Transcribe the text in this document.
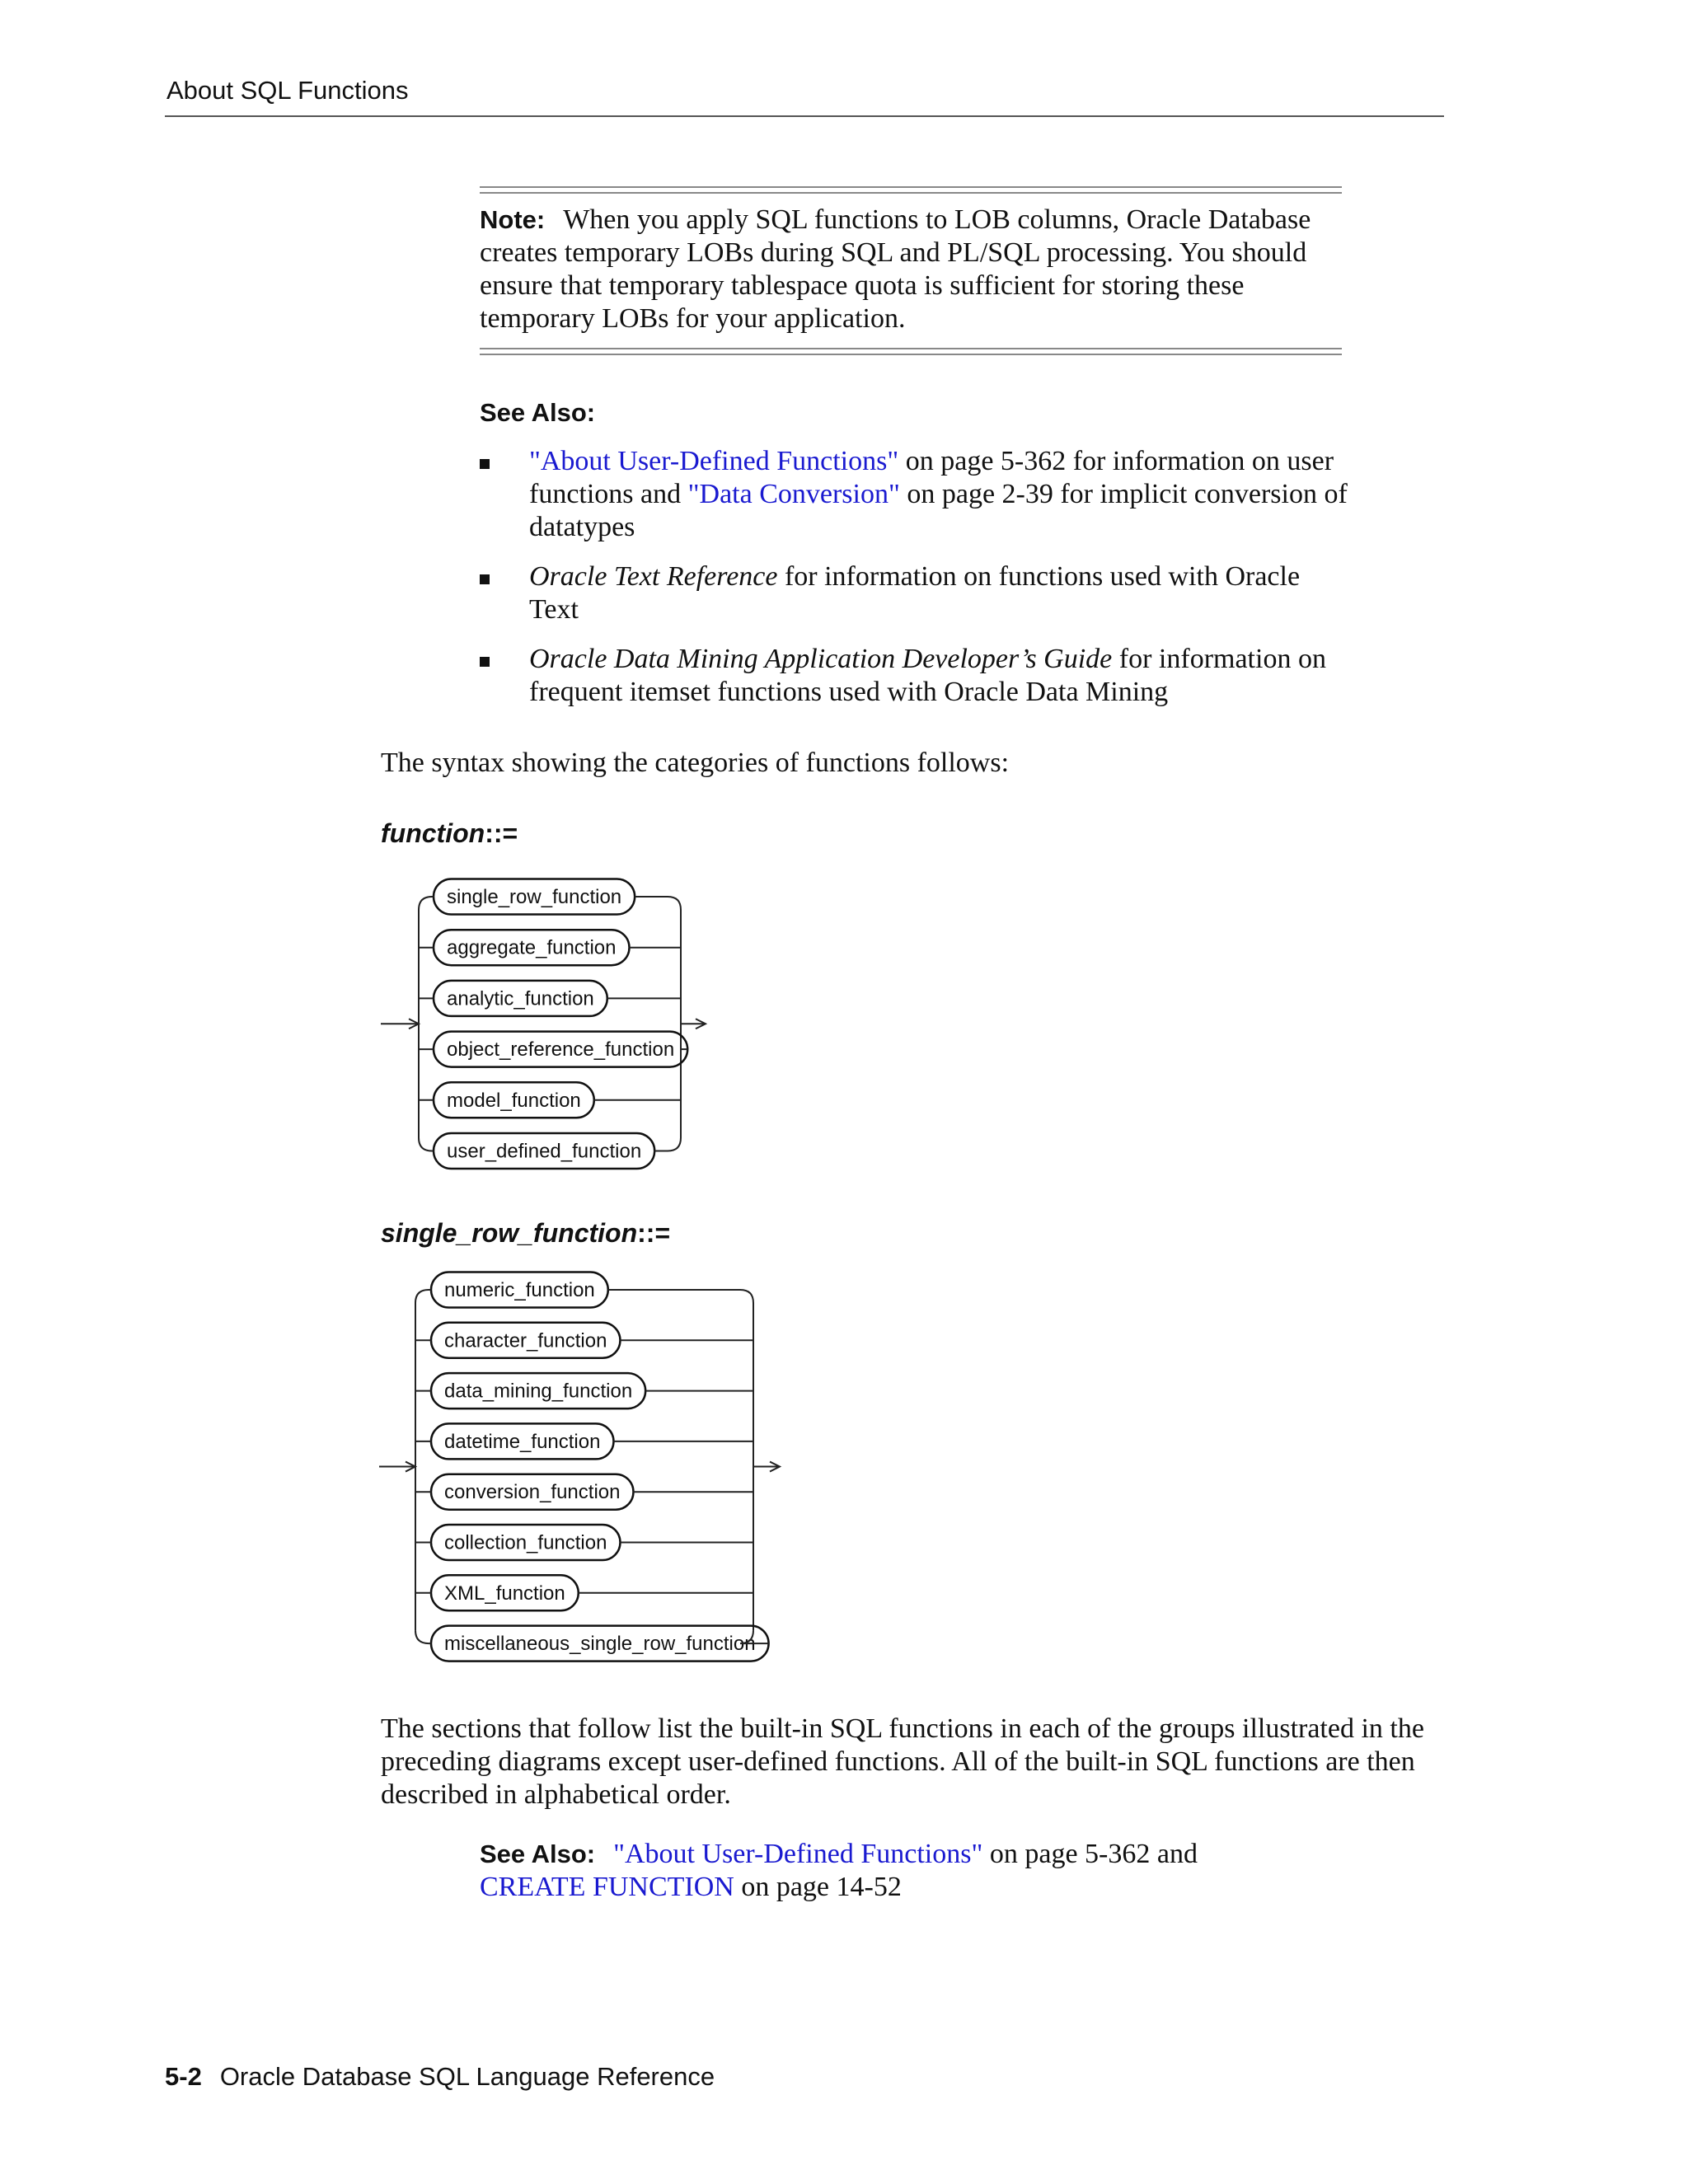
About SQL Functions
Note: When you apply SQL functions to LOB columns, Oracle Database creates temporary LOBs during SQL and PL/SQL processing. You should ensure that temporary tablespace quota is sufficient for storing these temporary LOBs for your application.
See Also:
"About User-Defined Functions" on page 5-362 for information on user functions and "Data Conversion" on page 2-39 for implicit conversion of datatypes
Oracle Text Reference for information on functions used with Oracle Text
Oracle Data Mining Application Developer’s Guide for information on frequent itemset functions used with Oracle Data Mining
The syntax showing the categories of functions follows:
function::=
single_row_function::=
single_row_function
aggregate_function
analytic_function
object_reference_function
model_function
user_defined_function
numeric_function
character_function
data_mining_function
datetime_function
conversion_function
collection_function
XML_function
miscellaneous_single_row_function
The sections that follow list the built-in SQL functions in each of the groups illustrated in the preceding diagrams except user-defined functions. All of the built-in SQL functions are then described in alphabetical order.
See Also: "About User-Defined Functions" on page 5-362 and
CREATE FUNCTION on page 14-52
5-2 Oracle Database SQL Language Reference
